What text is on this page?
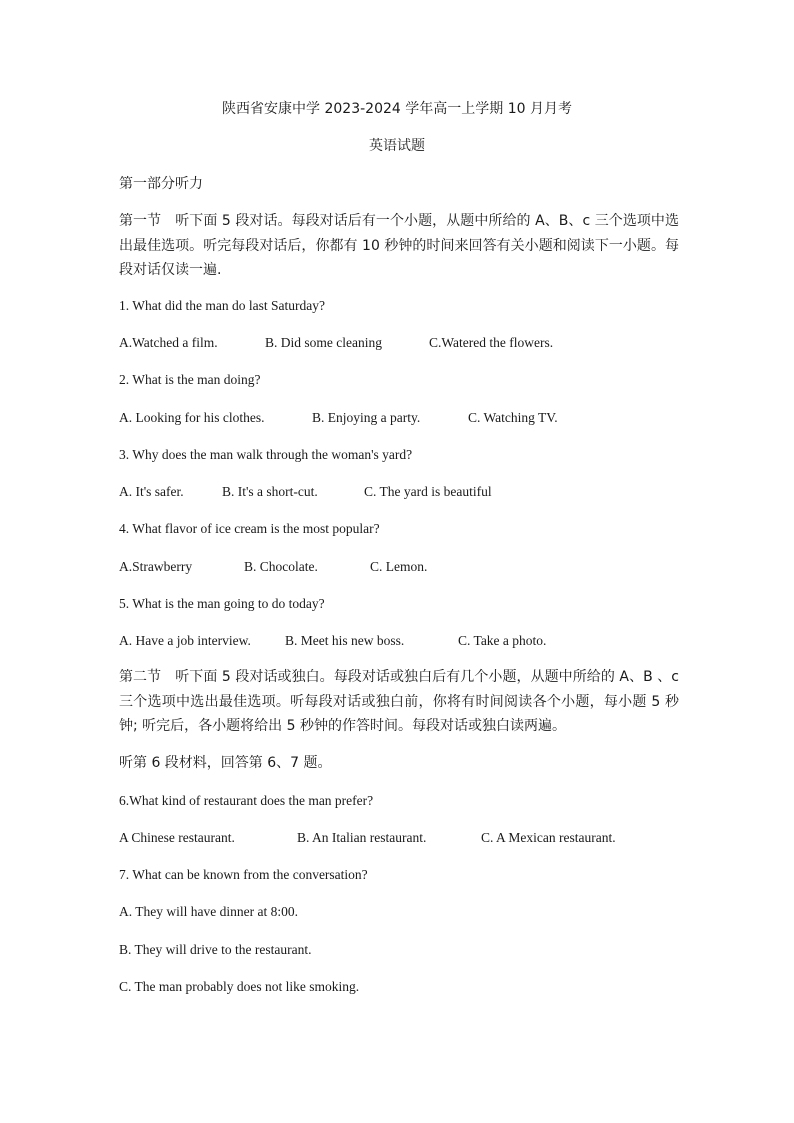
陕西省安康中学 2023-2024 学年高一上学期 10 月月考
英语试题
第一部分听力
第一节　听下面 5 段对话。每段对话后有一个小题，从题中所给的 A、B、c 三个选项中选出最佳选项。听完每段对话后，你都有 10 秒钟的时间来回答有关小题和阅读下一小题。每段对话仅读一遍.
1. What did the man do last Saturday?
A.Watched a film.	B. Did some cleaning	C.Watered the flowers.
2. What is the man doing?
A. Looking for his clothes.	B. Enjoying a party.	C. Watching TV.
3. Why does the man walk through the woman's yard?
A. It's safer.	B. It's a short-cut.	C. The yard is beautiful
4. What flavor of ice cream is the most popular?
A.Strawberry	B. Chocolate.	C. Lemon.
5. What is the man going to do today?
A. Have a job interview.	B. Meet his new boss.	C. Take a photo.
第二节　听下面 5 段对话或独白。每段对话或独白后有几个小题，从题中所给的 A、B 、c 三个选项中选出最佳选项。听每段对话或独白前，你将有时间阅读各个小题，每小题 5 秒钟; 听完后，各小题将给出 5 秒钟的作答时间。每段对话或独白读两遍。
听第 6 段材料，回答第 6、7 题。
6.What kind of restaurant does the man prefer?
A Chinese restaurant.	B. An Italian restaurant.	C. A Mexican restaurant.
7. What can be known from the conversation?
A. They will have dinner at 8:00.
B. They will drive to the restaurant.
C. The man probably does not like smoking.
